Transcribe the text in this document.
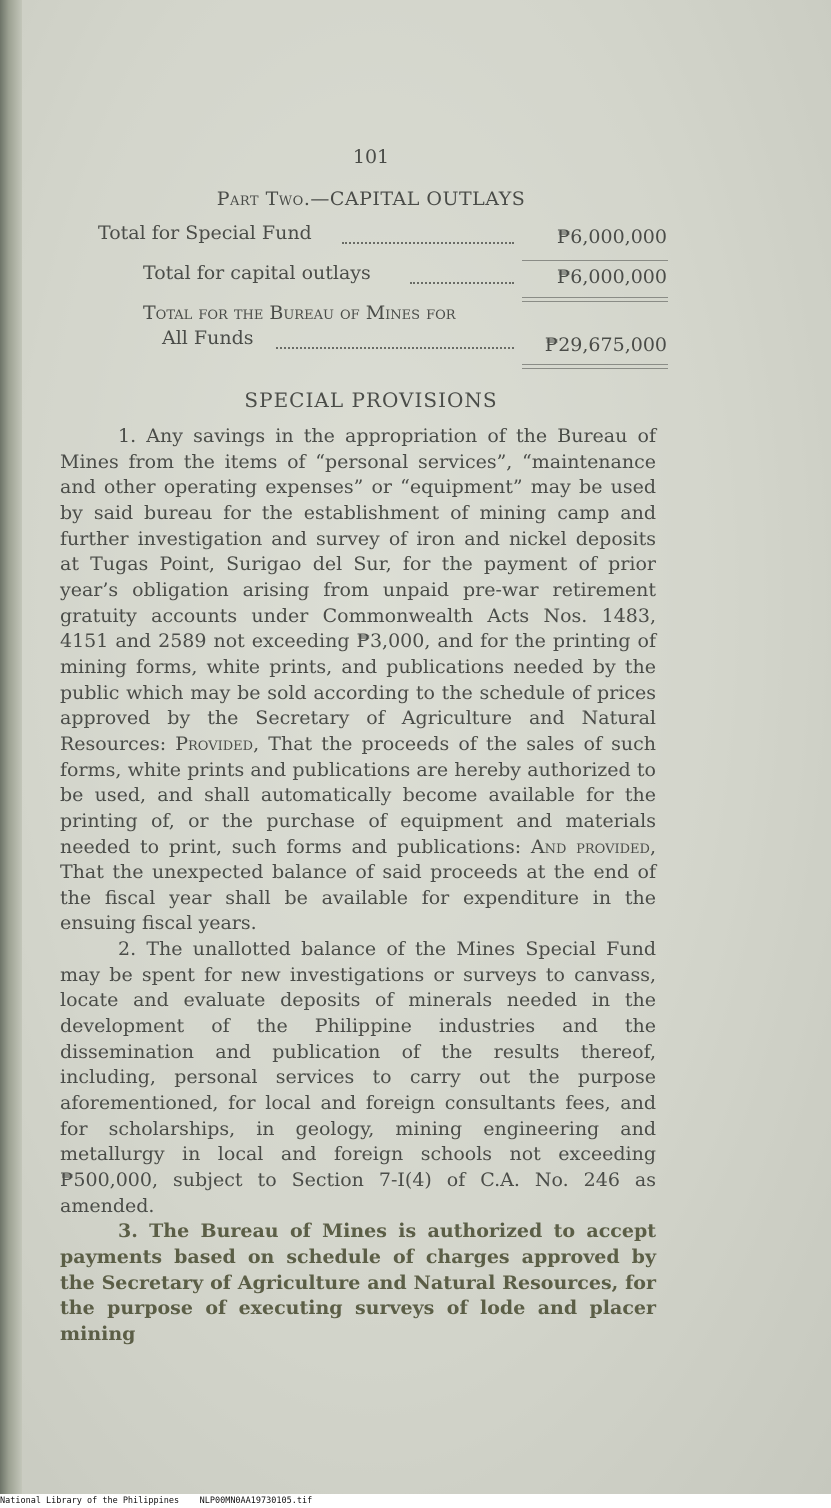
101
Part Two.—CAPITAL OUTLAYS
Total for Special Fund	₱6,000,000
Total for capital outlays	₱6,000,000
Total for the Bureau of Mines for
All Funds	₱29,675,000
SPECIAL PROVISIONS

1. Any savings in the appropriation of the Bureau of Mines from the items of “personal services”, “maintenance and other operating expenses” or “equipment” may be used by said bureau for the establishment of mining camp and further investigation and survey of iron and nickel deposits at Tugas Point, Surigao del Sur, for the payment of prior year’s obligation arising from unpaid pre-war retirement gratuity accounts under Commonwealth Acts Nos. 1483, 4151 and 2589 not exceeding ₱3,000, and for the printing of mining forms, white prints, and publications needed by the public which may be sold according to the schedule of prices approved by the Secretary of Agriculture and Natural Resources: Provided, That the proceeds of the sales of such forms, white prints and publications are hereby authorized to be used, and shall automatically become available for the printing of, or the purchase of equipment and materials needed to print, such forms and publications: And provided, That the unexpected balance of said proceeds at the end of the fiscal year shall be available for expenditure in the ensuing fiscal years.

2. The unallotted balance of the Mines Special Fund may be spent for new investigations or surveys to canvass, locate and evaluate deposits of minerals needed in the development of the Philippine industries and the dissemination and publication of the results thereof, including, personal services to carry out the purpose aforementioned, for local and foreign consultants fees, and for scholarships, in geology, mining engineering and metallurgy in local and foreign schools not exceeding ₱500,000, subject to Section 7-I(4) of C.A. No. 246 as amended.

3. The Bureau of Mines is authorized to accept payments based on schedule of charges approved by the Secretary of Agriculture and Natural Resources, for the purpose of executing surveys of lode and placer mining

National Library of the Philippines NLP00MN0AA19730105.tif
